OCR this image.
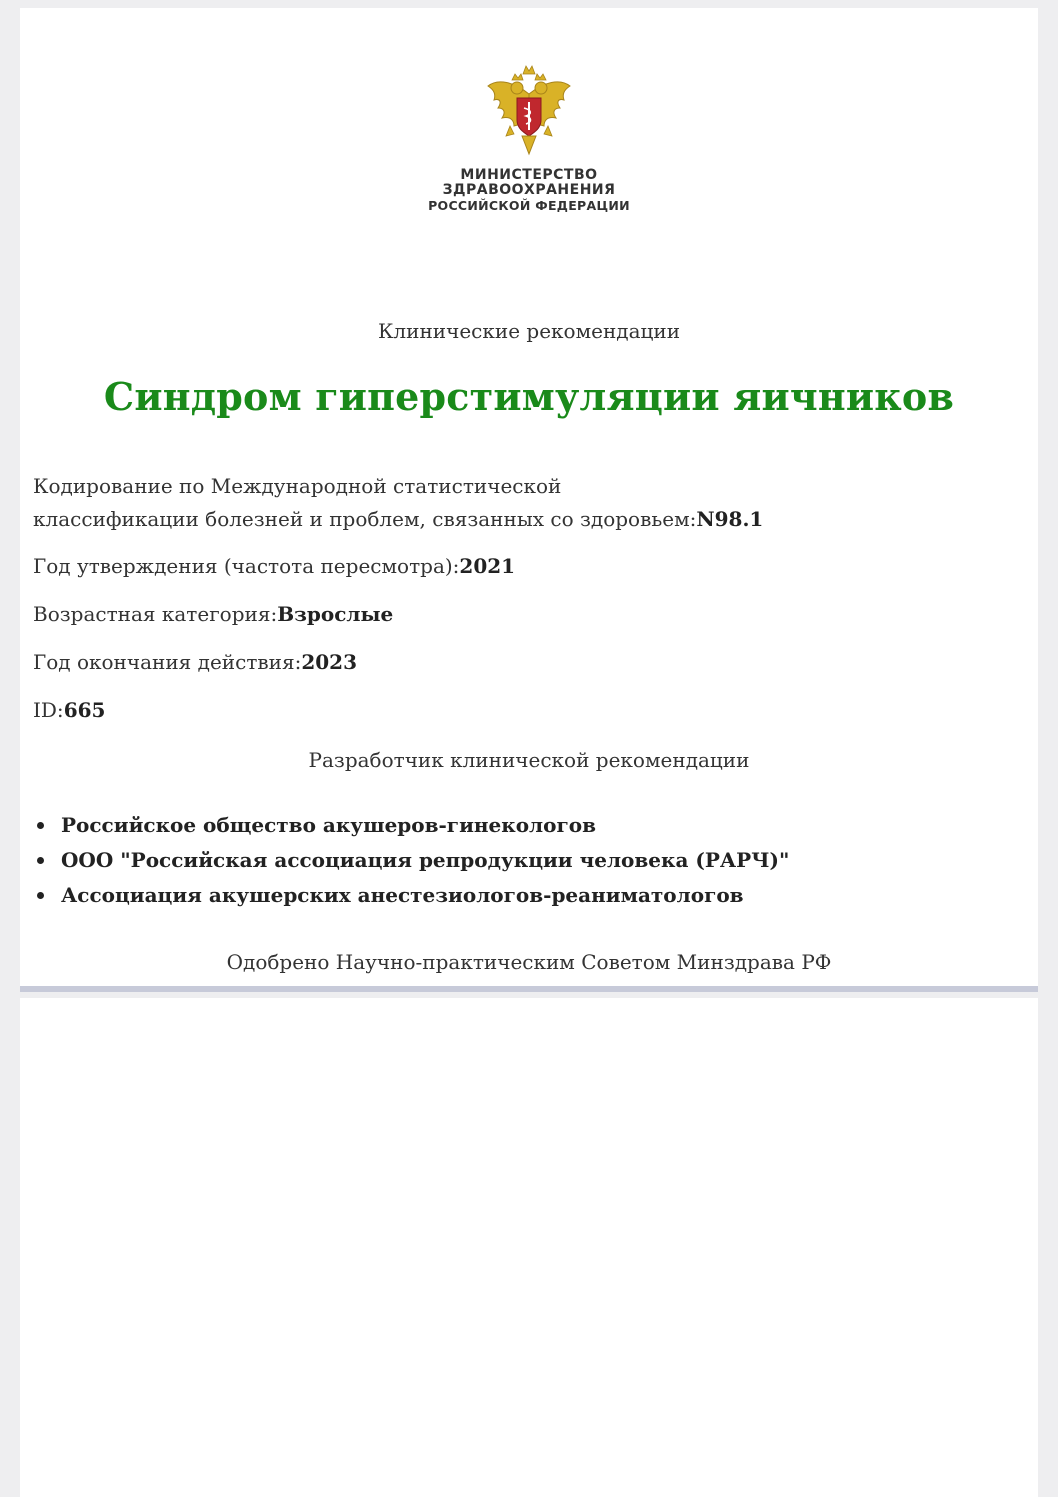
МИНИСТЕРСТВО
ЗДРАВООХРАНЕНИЯ
РОССИЙСКОЙ ФЕДЕРАЦИИ
Клинические рекомендации
Синдром гиперстимуляции яичников
Кодирование по Международной статистической
классификации болезней и проблем, связанных со здоровьем:N98.1
Год утверждения (частота пересмотра):2021
Возрастная категория:Взрослые
Год окончания действия:2023
ID:665
Разработчик клинической рекомендации
Российское общество акушеров-гинекологов
ООО "Российская ассоциация репродукции человека (РАРЧ)"
Ассоциация акушерских анестезиологов-реаниматологов
Одобрено Научно-практическим Советом Минздрава РФ
